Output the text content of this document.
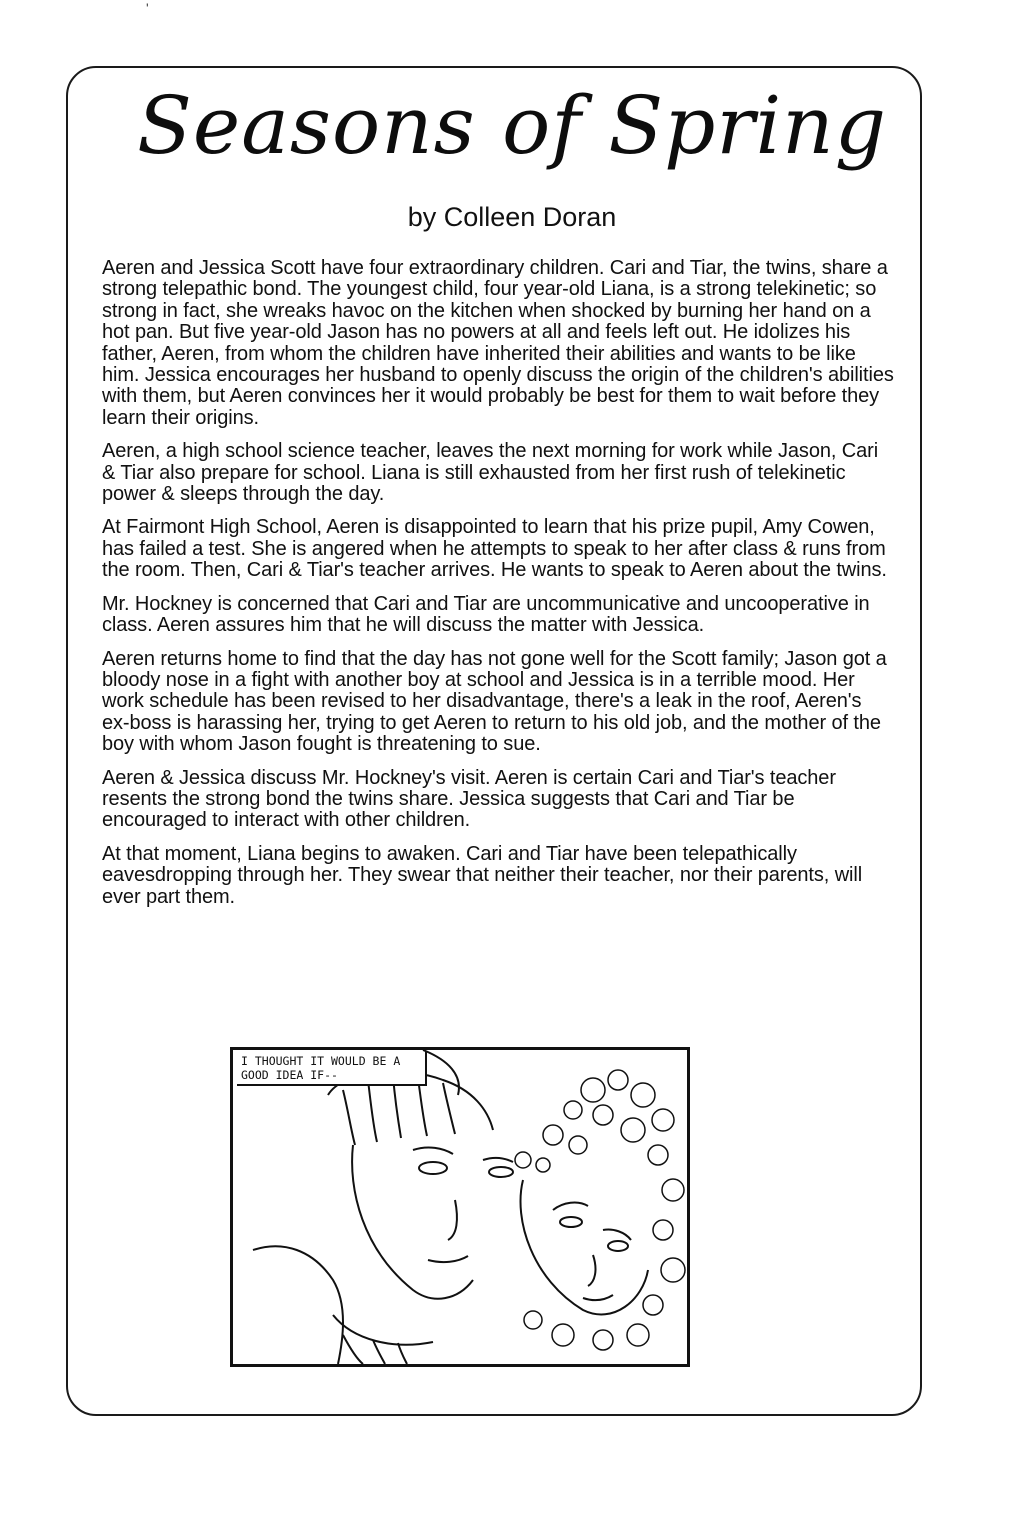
'
Seasons of Spring
by Colleen Doran

Aeren and Jessica Scott have four extraordinary children. Cari and Tiar, the twins, share a strong telepathic bond. The youngest child, four year-old Liana, is a strong telekinetic; so strong in fact, she wreaks havoc on the kitchen when shocked by burning her hand on a hot pan. But five year-old Jason has no powers at all and feels left out. He idolizes his father, Aeren, from whom the children have inherited their abilities and wants to be like him. Jessica encourages her husband to openly discuss the origin of the children's abilities with them, but Aeren convinces her it would probably be best for them to wait before they learn their origins.

Aeren, a high school science teacher, leaves the next morning for work while Jason, Cari & Tiar also prepare for school. Liana is still exhausted from her first rush of telekinetic power & sleeps through the day.

At Fairmont High School, Aeren is disappointed to learn that his prize pupil, Amy Cowen, has failed a test. She is angered when he attempts to speak to her after class & runs from the room. Then, Cari & Tiar's teacher arrives. He wants to speak to Aeren about the twins.

Mr. Hockney is concerned that Cari and Tiar are uncommunicative and uncooperative in class. Aeren assures him that he will discuss the matter with Jessica.

Aeren returns home to find that the day has not gone well for the Scott family; Jason got a bloody nose in a fight with another boy at school and Jessica is in a terrible mood. Her work schedule has been revised to her disadvantage, there's a leak in the roof, Aeren's ex-boss is harassing her, trying to get Aeren to return to his old job, and the mother of the boy with whom Jason fought is threatening to sue.

Aeren & Jessica discuss Mr. Hockney's visit. Aeren is certain Cari and Tiar's teacher resents the strong bond the twins share. Jessica suggests that Cari and Tiar be encouraged to interact with other children.

At that moment, Liana begins to awaken. Cari and Tiar have been telepathically eavesdropping through her. They swear that neither their teacher, nor their parents, will ever part them.

I THOUGHT IT WOULD BE A GOOD IDEA IF--
